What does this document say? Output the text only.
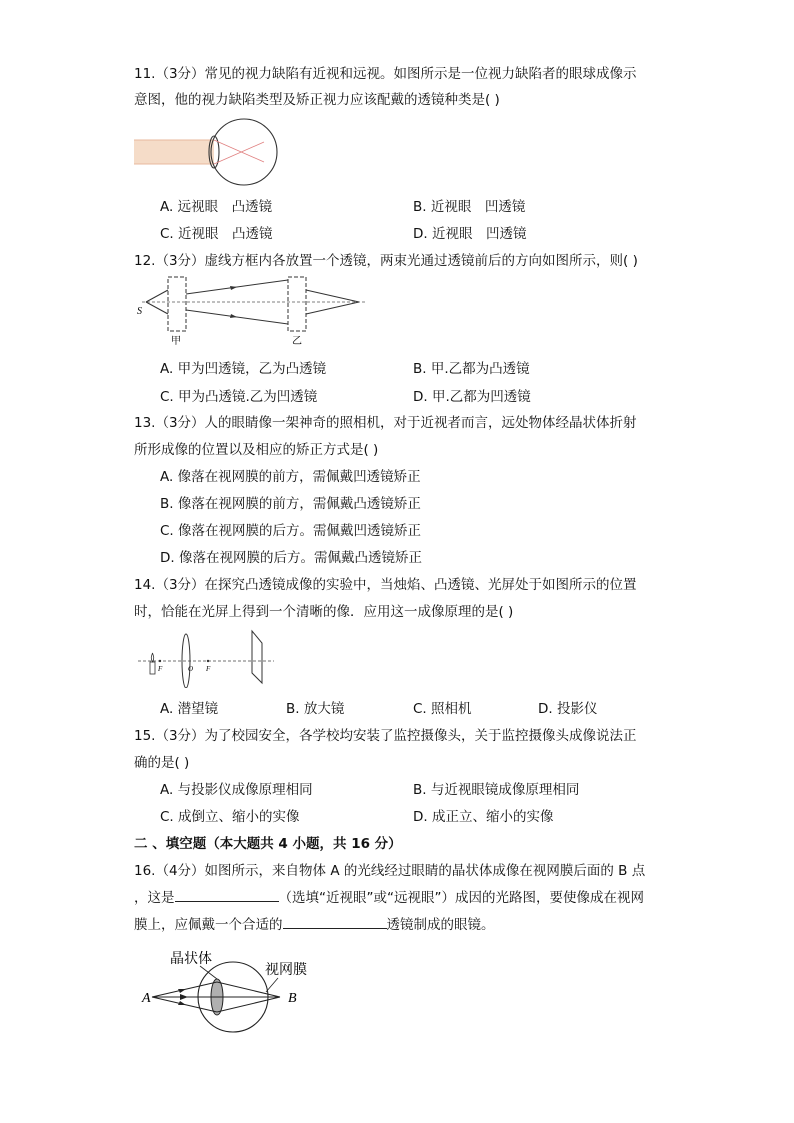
11.（3分）常见的视力缺陷有近视和远视。如图所示是一位视力缺陷者的眼球成像示
意图，他的视力缺陷类型及矫正视力应该配戴的透镜种类是( )
A. 远视眼　凸透镜	B. 近视眼　凹透镜
C. 近视眼　凸透镜	D. 近视眼　凹透镜
12.（3分）虚线方框内各放置一个透镜，两束光通过透镜前后的方向如图所示，则( )
S
甲	乙
A. 甲为凹透镜，乙为凸透镜	B. 甲.乙都为凸透镜
C. 甲为凸透镜.乙为凹透镜	D. 甲.乙都为凹透镜
13.（3分）人的眼睛像一架神奇的照相机，对于近视者而言，远处物体经晶状体折射
所形成像的位置以及相应的矫正方式是( )
A. 像落在视网膜的前方，需佩戴凹透镜矫正
B. 像落在视网膜的前方，需佩戴凸透镜矫正
C. 像落在视网膜的后方。需佩戴凹透镜矫正
D. 像落在视网膜的后方。需佩戴凸透镜矫正
14.（3分）在探究凸透镜成像的实验中，当烛焰、凸透镜、光屏处于如图所示的位置
时，恰能在光屏上得到一个清晰的像．应用这一成像原理的是( )
F	O F
A. 潜望镜	B. 放大镜	C. 照相机	D. 投影仪
15.（3分）为了校园安全，各学校均安装了监控摄像头，关于监控摄像头成像说法正
确的是( )
A. 与投影仪成像原理相同	B. 与近视眼镜成像原理相同
C. 成倒立、缩小的实像	D. 成正立、缩小的实像
二 、填空题（本大题共 4 小题，共 16 分）
16.（4分）如图所示，来自物体 A 的光线经过眼睛的晶状体成像在视网膜后面的 B 点
，这是	（选填“近视眼”或“远视眼”）成因的光路图，要使像成在视网
膜上，应佩戴一个合适的	透镜制成的眼镜。
晶状体
视网膜
A	B
